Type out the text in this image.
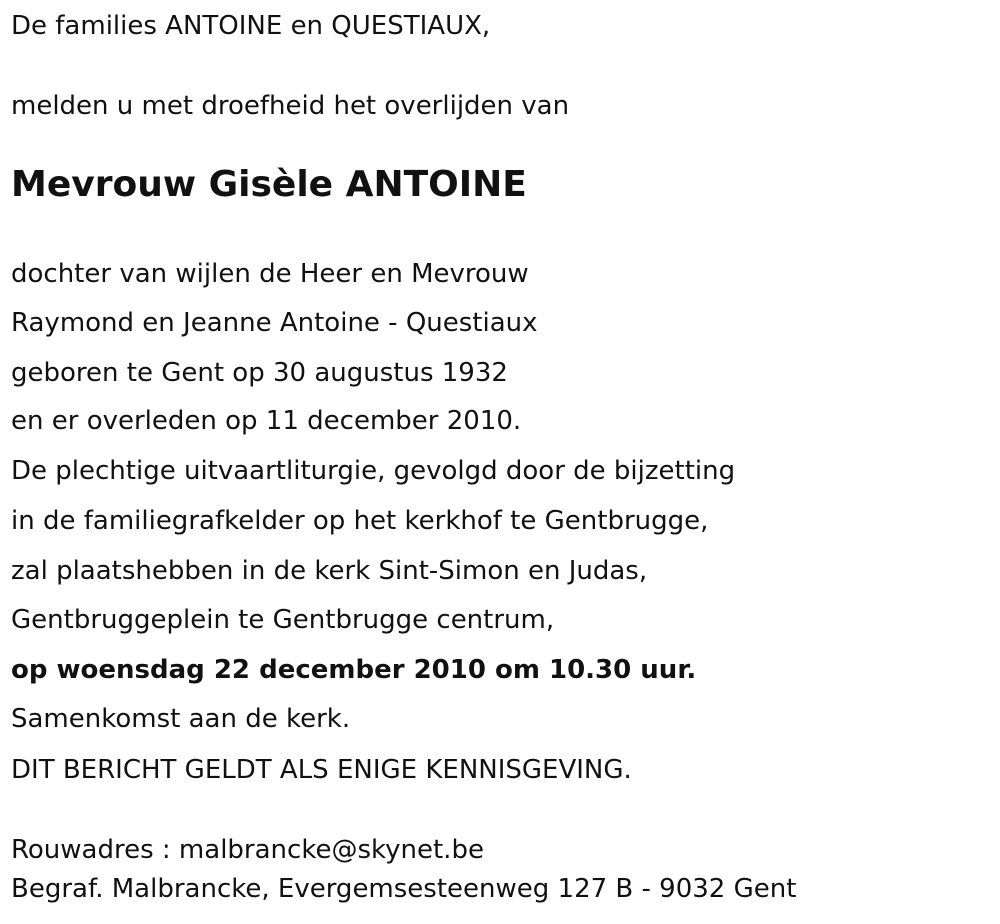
De families ANTOINE en QUESTIAUX,

melden u met droefheid het overlijden van

Mevrouw Gisèle ANTOINE

dochter van wijlen de Heer en Mevrouw

Raymond en Jeanne Antoine - Questiaux

geboren te Gent op 30 augustus 1932

en er overleden op 11 december 2010.

De plechtige uitvaartliturgie, gevolgd door de bijzetting

in de familiegrafkelder op het kerkhof te Gentbrugge,

zal plaatshebben in de kerk Sint-Simon en Judas,

Gentbruggeplein te Gentbrugge centrum,

op woensdag 22 december 2010 om 10.30 uur.

Samenkomst aan de kerk.

DIT BERICHT GELDT ALS ENIGE KENNISGEVING.

Rouwadres : malbrancke@skynet.be

Begraf. Malbrancke, Evergemsesteenweg 127 B - 9032 Gent
